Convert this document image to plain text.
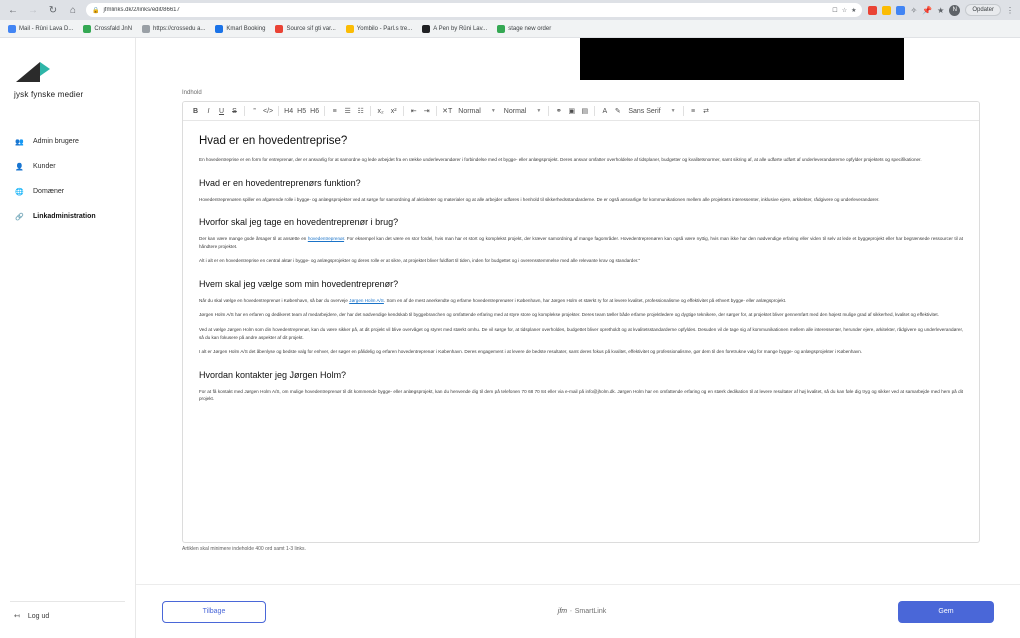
← → ↻	⌂	🔒 jfmlinks.dk/2/links/edit/86617	☐ ☆ ★	✧ 📌 ★	N	Opdater ⋮
Mail - Rûni Lava D...	Crossfald JnN	https://crossedu a...	Kmarl Booking	Source sif gti var...	Yombilo - Parl.s tre...	A Pen by Rûni Lav...	stage new order
jysk fynske medier
👥 Admin brugere
👤 Kunder
🌐 Domæner
🔗 Linkadministration
↤ Log ud
Indhold
B	I	U	S	”	</> H4 H5 H6	≡	☰ ☷	x₂ x²	⇤	⇥	✕T Normal ▼ Normal ▼	⚭ ▣ ▤	A	✎	Sans Serif ▼	≡	⇄
Hvad er en hovedentreprise?

En hovedentreprise er en form for entreprenør, der er ansvarlig for at samordne og lede arbejdet fra en række underleverandører i forbindelse med et bygge- eller anlægsprojekt. Deres ansvar omfatter overholdelse af tidsplaner, budgetter og kvalitetsnormer, samt sikring af, at alle udførte udført af underleverandørerne opfylder projektets og specifikationer.

Hvad er en hovedentreprenørs funktion?

Hovedentreprenøren spiller en afgørende rolle i bygge- og anlægsprojekter ved at sørge for samordning af aktiviteter og materialer og at alle arbejder udføres i henhold til sikkerhedsstandarderne. De er også ansvarlige for kommunikationen mellem alle projektets interessenter, inklusive ejere, arkitekter, rådgivere og underleverandører.

Hvorfor skal jeg tage en hovedentreprenør i brug?

Der kan være mange gode årsager til at ansætte en hovedentreprenør. For eksempel kan det være en stor fordel, hvis man har et stort og komplekst projekt, der kræver samordning af mange fagområder. Hovedentreprenøren kan også være nyttig, hvis man ikke har den nødvendige erfaring eller viden til selv at lede et byggeprojekt eller har begrænsede ressourcer til at håndtere projektet.

Alt i alt er en hovedentreprise en central aktør i bygge- og anlægsprojekter og deres rolle er at sikre, at projektet bliver fuldført til tiden, inden for budgettet og i overensstemmelse med alle relevante krav og standarder."

Hvem skal jeg vælge som min hovedentreprenør?

Når du skal vælge en hovedentreprenør i København, så bør du overveje Jørgen Holm A/S. Som en af de mest anerkendte og erfarne hovedentreprenører i København, har Jørgen Holm et stærkt ry for at levere kvalitet, professionalisme og effektivitet på ethvert bygge- eller anlægsprojekt.

Jørgen Holm A/S har en erfaren og dedikeret team af medarbejdere, der har det nødvendige kendskab til byggebranchen og omfattende erfaring med at styre store og komplekse projekter. Deres team tæller både erfarne projektledere og dygtige teknikere, der sørger for, at projektet bliver gennemført med den højest mulige grad af sikkerhed, kvalitet og effektivitet.

Ved at vælge Jørgen Holm som din hovedentreprenør, kan du være sikker på, at dit projekt vil blive overvåget og styret med stærkt omhu. De vil sørge for, at tidsplaner overholdes, budgettet bliver opretholdt og at kvalitetsstandarderne opfyldes. Desuden vil de tage sig af kommunikationen mellem alle interessenter, herunder ejere, arkitekter, rådgivere og underleverandører, så du kan fokusere på andre aspekter af dit projekt.

I alt er Jørgen Holm A/S det åbenlyse og bedste valg for enhver, der søger en pålidelig og erfaren hovedentreprenør i København. Deres engagement i at levere de bedste resultater, samt deres fokus på kvalitet, effektivitet og professionalisme, gør dem til den foretrukne valg for mange bygge- og anlægsprojekter i København.

Hvordan kontakter jeg Jørgen Holm?

For at få kontakt med Jørgen Holm A/S, om mulige hovedentreprenør til dit kommende bygge- eller anlægsprojekt, kan du henvende dig til dem på telefonen 70 68 70 84 eller via e-mail på info@jholm.dk. Jørgen Holm har en omfattende erfaring og en stærk dedikation til at levere resultater af høj kvalitet, så du kan føle dig tryg og sikker ved at samarbejde med hem på dit projekt.

Artiklen skal minimere indeholde 400 ord samt 1-3 links.
Tilbage	jfm ° SmartLink	Gem
